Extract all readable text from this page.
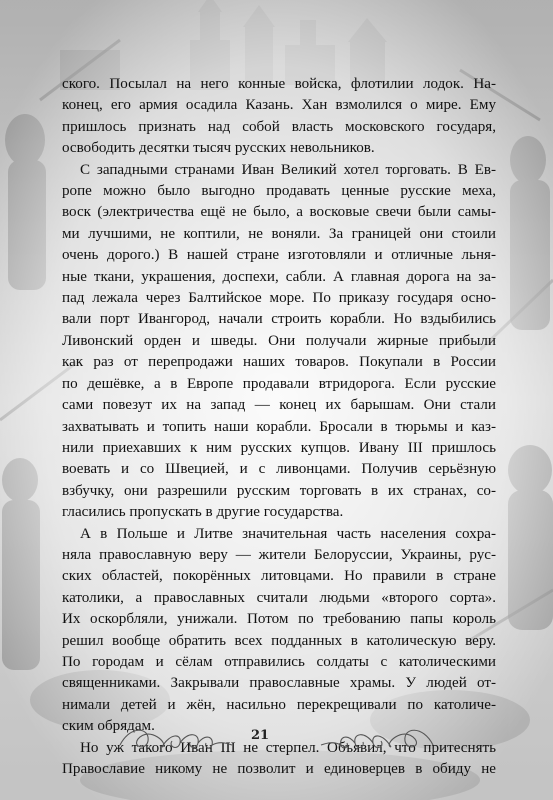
ского. Посылал на него конные войска, флотилии лодок. На-
конец, его армия осадила Казань. Хан взмолился о мире. Ему
пришлось признать над собой власть московского государя,
освободить десятки тысяч русских невольников.

С западными странами Иван Великий хотел торговать. В Ев-
ропе можно было выгодно продавать ценные русские меха,
воск (электричества ещё не было, а восковые свечи были самы-
ми лучшими, не коптили, не воняли. За границей они стоили
очень дорого.) В нашей стране изготовляли и отличные льня-
ные ткани, украшения, доспехи, сабли. А главная дорога на за-
пад лежала через Балтийское море. По приказу государя осно-
вали порт Ивангород, начали строить корабли. Но вздыбились
Ливонский орден и шведы. Они получали жирные прибыли
как раз от перепродажи наших товаров. Покупали в России
по дешёвке, а в Европе продавали втридорога. Если русские
сами повезут их на запад — конец их барышам. Они стали
захватывать и топить наши корабли. Бросали в тюрьмы и каз-
нили приехавших к ним русских купцов. Ивану III пришлось
воевать и со Швецией, и с ливонцами. Получив серьёзную
взбучку, они разрешили русским торговать в их странах, со-
гласились пропускать в другие государства.

А в Польше и Литве значительная часть населения сохра-
няла православную веру — жители Белоруссии, Украины, рус-
ских областей, покорённых литовцами. Но правили в стране
католики, а православных считали людьми «второго сорта».
Их оскорбляли, унижали. Потом по требованию папы король
решил вообще обратить всех подданных в католическую веру.
По городам и сёлам отправились солдаты с католическими
священниками. Закрывали православные храмы. У людей от-
нимали детей и жён, насильно перекрещивали по католиче-
ским обрядам.

Но уж такого Иван III не стерпел. Объявил, что притеснять
Православие никому не позволит и единоверцев в обиду не

21
